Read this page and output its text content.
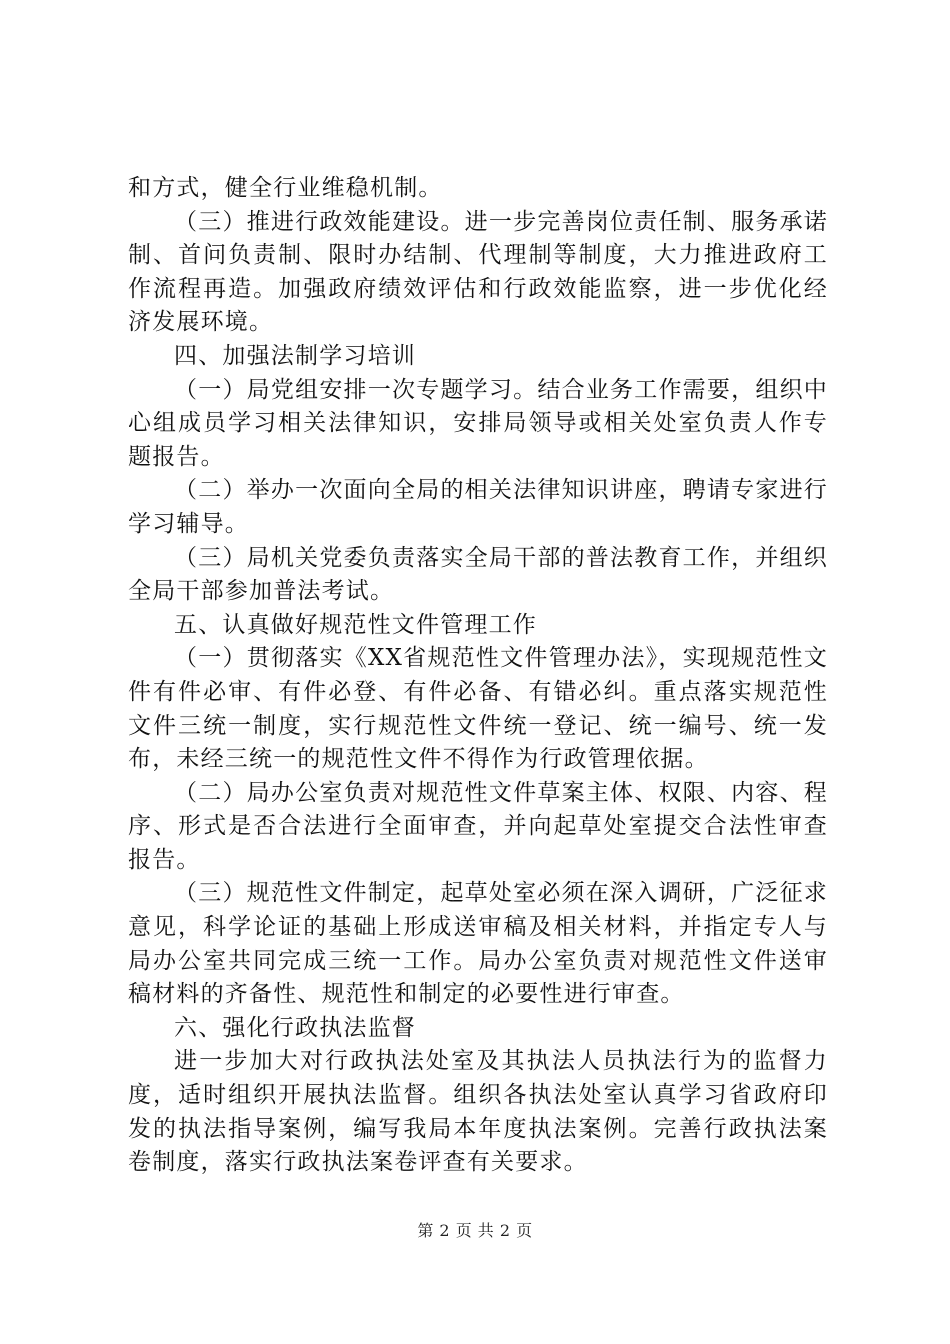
和方式，健全行业维稳机制。

（三）推进行政效能建设。进一步完善岗位责任制、服务承诺制、首问负责制、限时办结制、代理制等制度，大力推进政府工作流程再造。加强政府绩效评估和行政效能监察，进一步优化经济发展环境。

四、加强法制学习培训

（一）局党组安排一次专题学习。结合业务工作需要，组织中心组成员学习相关法律知识，安排局领导或相关处室负责人作专题报告。

（二）举办一次面向全局的相关法律知识讲座，聘请专家进行学习辅导。

（三）局机关党委负责落实全局干部的普法教育工作，并组织全局干部参加普法考试。

五、认真做好规范性文件管理工作

（一）贯彻落实《XX省规范性文件管理办法》，实现规范性文件有件必审、有件必登、有件必备、有错必纠。重点落实规范性文件三统一制度，实行规范性文件统一登记、统一编号、统一发布，未经三统一的规范性文件不得作为行政管理依据。

（二）局办公室负责对规范性文件草案主体、权限、内容、程序、形式是否合法进行全面审查，并向起草处室提交合法性审查报告。

（三）规范性文件制定，起草处室必须在深入调研，广泛征求意见，科学论证的基础上形成送审稿及相关材料，并指定专人与局办公室共同完成三统一工作。局办公室负责对规范性文件送审稿材料的齐备性、规范性和制定的必要性进行审查。

六、强化行政执法监督

进一步加大对行政执法处室及其执法人员执法行为的监督力度，适时组织开展执法监督。组织各执法处室认真学习省政府印发的执法指导案例，编写我局本年度执法案例。完善行政执法案卷制度，落实行政执法案卷评查有关要求。

第 2 页 共 2 页
